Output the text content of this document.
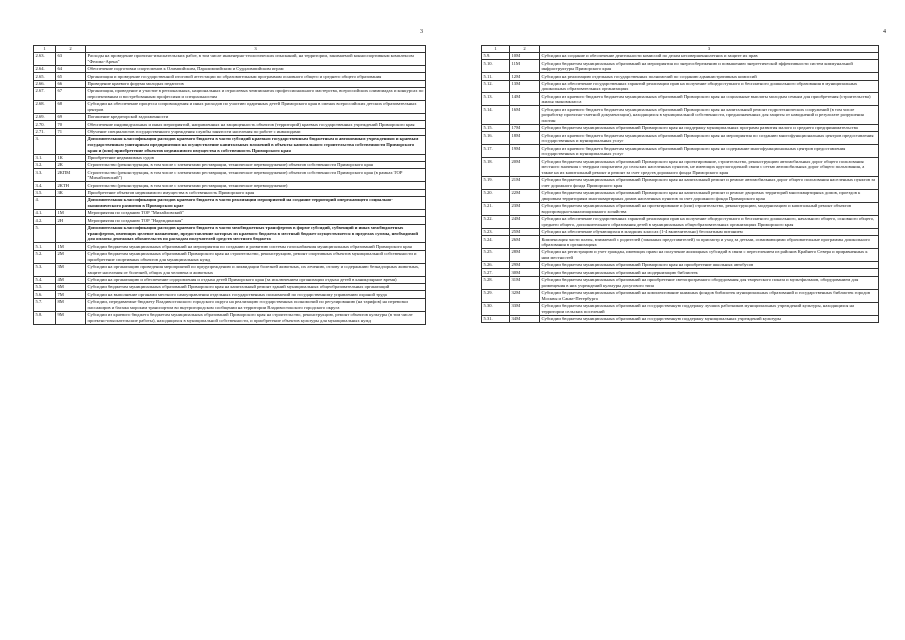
3	4
1	2	3
2.63.	63	Расходы на проведение проектно-изыскательских работ, в том числе инженерно-геологических изысканий, на территории, занимаемой конноспортивным комплексом "Феликс-Арена"
2.64.	64	Обеспечение подготовки спортсменов к Олимпийским, Паралимпийским и Сурдлимпийским играм
2.65.	65	Организация и проведение государственной итоговой аттестации по образовательным программам основного общего и среднего общего образования
2.66.	66	Проведение краевого форума молодых педагогов
2.67.	67	Организация, проведение и участие в региональных, национальных и отраслевых чемпионатах профессионального мастерства, всероссийских олимпиадах и конкурсах по перспективным и востребованным профессиям и специальностям
2.68.	68	Субсидии на обеспечение процесса сопровождения и иных расходов по участию одаренных детей Приморского края в сменах всероссийских детских образовательных центров
2.69.	69	Погашение кредиторской задолженности
2.70.	70	Обеспечение индивидуальных и иных мероприятий, направленных на защищенность объектов (территорий) краевых государственных учреждений Приморского края
2.71.	71	Обучение специалистов государственного учреждения службы занятости населения по работе с инвалидами
3.		Дополнительная классификация расходов краевого бюджета в части субсидий краевым государственным бюджетным и автономным учреждениям и краевым государственным унитарным предприятиям на осуществление капитальных вложений в объекты капитального строительства собственности Приморского края и (или) приобретение объектов недвижимого имущества в собственность Приморского края
3.1.	1К	Приобретение недвижимых судов
3.2.	2К	Строительство (реконструкция, в том числе с элементами реставрации, техническое перевооружение) объектов собственности Приморского края
3.3.	2КПМ	Строительство (реконструкция, в том числе с элементами реставрации, техническое перевооружение) объектов собственности Приморского края (в рамках ТОР "Михайловский")
3.4.	2КТН	Строительство (реконструкция, в том числе с элементами реставрации, техническое перевооружение)
3.5.	3К	Приобретение объектов недвижимого имущества в собственность Приморского края
4.		Дополнительная классификация расходов краевого бюджета в части реализации мероприятий на создание территорий опережающего социально-экономического развития в Приморском крае
4.1.	1М	Мероприятия по созданию ТОР "Михайловский"
4.2.	2Н	Мероприятия по созданию ТОР "Надеждинская"
5.		Дополнительная классификация расходов краевого бюджета в части межбюджетных трансфертов в форме субсидий, субвенций и иных межбюджетных трансфертов, имеющих целевое назначение, предоставление которых из краевого бюджета в местный бюджет осуществляется в пределах суммы, необходимой для оплаты денежных обязательств по расходам получателей средств местного бюджета
5.1.	1М	Субсидии бюджетам муниципальных образований на мероприятия по созданию и развитию системы газоснабжения муниципальных образований Приморского края
5.2.	2М	Субсидии бюджетам муниципальных образований Приморского края на строительство, реконструкцию, ремонт спортивных объектов муниципальной собственности и приобретение спортивных объектов для муниципальных нужд
5.3.	3М	Субсидии на организацию проведения мероприятий по предупреждению и ликвидации болезней животных, их лечению, отлову и содержанию безнадзорных животных, защите населения от болезней, общих для человека и животных
5.4.	4М	Субсидии на организацию и обеспечение оздоровления и отдыха детей Приморского края (за исключением организации отдыха детей в каникулярное время)
5.5.	6М	Субсидии бюджетам муниципальных образований Приморского края на капитальный ремонт зданий муниципальных общеобразовательных организаций
5.6.	7М	Субсидии на выполнение органами местного самоуправления отдельных государственных полномочий по государственному управлению охраной труда
5.7.	8М	Субсидии, передаваемые бюджету Владивостокского городского округа на реализацию государственных полномочий по регулированию (на тарифов) на перевозки пассажиров и багажа морским транспортом во внутригородском сообщении на территории Владивостокского городского округа
5.8.	9М	Субсидии из краевого бюджета бюджетам муниципальных образований Приморского края на строительство, реконструкцию, ремонт объектов культуры (в том числе проектно-изыскательские работы), находящихся в муниципальной собственности, и приобретение объектов культуры для муниципальных нужд
1	2	3
5.9.	10М	Субсидии на создание и обеспечение деятельности комиссий по делам несовершеннолетних и защите их прав
5.10.	11М	Субсидии бюджетам муниципальных образований на мероприятия по энергосбережению и повышению энергетической эффективности систем коммунальной инфраструктуры Приморского края
5.11.	12М	Субсидии на реализацию отдельных государственных полномочий по созданию административных комиссий
5.12.	13М	Субсидии на обеспечение государственных гарантий реализации прав на получение общедоступного и бесплатного дошкольного образования в муниципальных дошкольных образовательных организациях
5.13.	14М	Субсидии из краевого бюджета бюджетам муниципальных образований Приморского края на социальные выплаты молодым семьям для приобретения (строительства) жилья экономкласса
5.14.	16М	Субсидии из краевого бюджета бюджетам муниципальных образований Приморского края на капитальный ремонт гидротехнических сооружений (в том числе разработку проектно-сметной документации), находящихся в муниципальной собственности, предназначенных для защиты от наводнений и результате разрушения плотин
5.15.	17М	Субсидии бюджетам муниципальных образований Приморского края на поддержку муниципальных программ развития малого и среднего предпринимательства
5.16.	18М	Субсидии из краевого бюджета бюджетам муниципальных образований Приморского края на мероприятия по созданию многофункциональных центров предоставления государственных и муниципальных услуг
5.17.	19М	Субсидии из краевого бюджета бюджетам муниципальных образований Приморского края на содержание многофункциональных центров предоставления государственных и муниципальных услуг
5.18.	20М	Субсидии бюджетам муниципальных образований Приморского края на проектирование, строительство, реконструкцию автомобильных дорог общего пользования местного значения с твердым покрытием до сельских населенных пунктов, не имеющих круглогодичной связи с сетью автомобильных дорог общего пользования, а также на их капитальный ремонт и ремонт за счет средств дорожного фонда Приморского края
5.19.	21М	Субсидии бюджетам муниципальных образований Приморского края на капитальный ремонт и ремонт автомобильных дорог общего пользования населенных пунктов за счет дорожного фонда Приморского края
5.20.	22М	Субсидии бюджетам муниципальных образований Приморского края на капитальный ремонт и ремонт дворовых территорий многоквартирных домов, проездов к дворовым территориям многоквартирных домов населенных пунктов за счет дорожного фонда Приморского края
5.21.	23М	Субсидии бюджетам муниципальных образований на проектирование и (или) строительство, реконструкцию, модернизацию и капитальный ремонт объектов водопроводно-канализационного хозяйства
5.22.	24М	Субсидии на обеспечение государственных гарантий реализации прав на получение общедоступного и бесплатного дошкольного, начального общего, основного общего, среднего общего, дополнительного образования детей в муниципальных общеобразовательных организациях Приморского края
5.23.	25М	Субсидии на обеспечение обучающихся в младших классах (1-4 включительно) бесплатным питанием
5.24.	26М	Компенсация части платы, взимаемой с родителей (законных представителей) за присмотр и уход за детьми, осваивающими образовательные программы дошкольного образования в организациях
5.25.	28М	Субсидии на регистрацию и учет граждан, имеющих право на получение жилищных субсидий в связи с переселением из районов Крайнего Севера и приравненных к ним местностей
5.26.	29М	Субсидии бюджетам муниципальных образований Приморского края на приобретение школьных автобусов
5.27.	30М	Субсидии бюджетам муниципальных образований на модернизацию библиотек
5.28.	31М	Субсидии бюджетам муниципальных образований на приобретение светопрозрачного оборудования для творческого показа и мультфильмов, оборудованием для размещения в них учреждений культуры досугового типа
5.29.	32М	Субсидии бюджетам муниципальных образований на комплектование книжных фондов библиотек муниципальных образований и государственных библиотек городов Москвы и Санкт-Петербурга
5.30.	33М	Субсидии бюджетам муниципальных образований на государственную поддержку лучших работников муниципальных учреждений культуры, находящихся на территории сельских поселений
5.31.	34М	Субсидии бюджетам муниципальных образований на государственную поддержку муниципальных учреждений культуры
